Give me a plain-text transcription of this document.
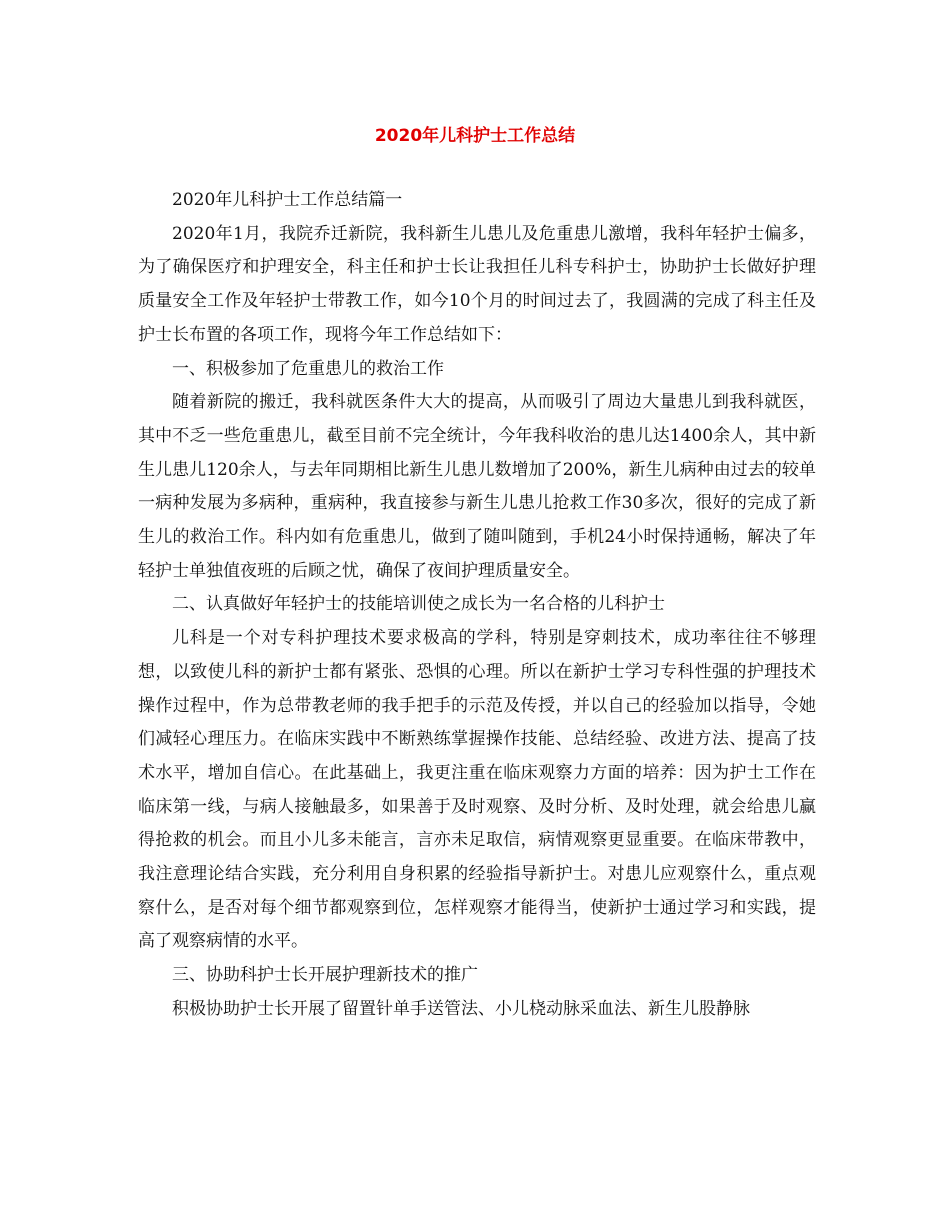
2020年儿科护士工作总结

2020年儿科护士工作总结篇一

2020年1月，我院乔迁新院，我科新生儿患儿及危重患儿激增，我科年轻护士偏多，为了确保医疗和护理安全，科主任和护士长让我担任儿科专科护士，协助护士长做好护理质量安全工作及年轻护士带教工作，如今10个月的时间过去了，我圆满的完成了科主任及护士长布置的各项工作，现将今年工作总结如下：

一、积极参加了危重患儿的救治工作

随着新院的搬迁，我科就医条件大大的提高，从而吸引了周边大量患儿到我科就医，其中不乏一些危重患儿，截至目前不完全统计，今年我科收治的患儿达1400余人，其中新生儿患儿120余人，与去年同期相比新生儿患儿数增加了200%，新生儿病种由过去的较单一病种发展为多病种，重病种，我直接参与新生儿患儿抢救工作30多次，很好的完成了新生儿的救治工作。科内如有危重患儿，做到了随叫随到，手机24小时保持通畅，解决了年轻护士单独值夜班的后顾之忧，确保了夜间护理质量安全。

二、认真做好年轻护士的技能培训使之成长为一名合格的儿科护士

儿科是一个对专科护理技术要求极高的学科，特别是穿刺技术，成功率往往不够理想，以致使儿科的新护士都有紧张、恐惧的心理。所以在新护士学习专科性强的护理技术操作过程中，作为总带教老师的我手把手的示范及传授，并以自己的经验加以指导，令她们减轻心理压力。在临床实践中不断熟练掌握操作技能、总结经验、改进方法、提高了技术水平，增加自信心。在此基础上，我更注重在临床观察力方面的培养：因为护士工作在临床第一线，与病人接触最多，如果善于及时观察、及时分析、及时处理，就会给患儿赢得抢救的机会。而且小儿多未能言，言亦未足取信，病情观察更显重要。在临床带教中，我注意理论结合实践，充分利用自身积累的经验指导新护士。对患儿应观察什么，重点观察什么，是否对每个细节都观察到位，怎样观察才能得当，使新护士通过学习和实践，提高了观察病情的水平。

三、协助科护士长开展护理新技术的推广

积极协助护士长开展了留置针单手送管法、小儿桡动脉采血法、新生儿股静脉
